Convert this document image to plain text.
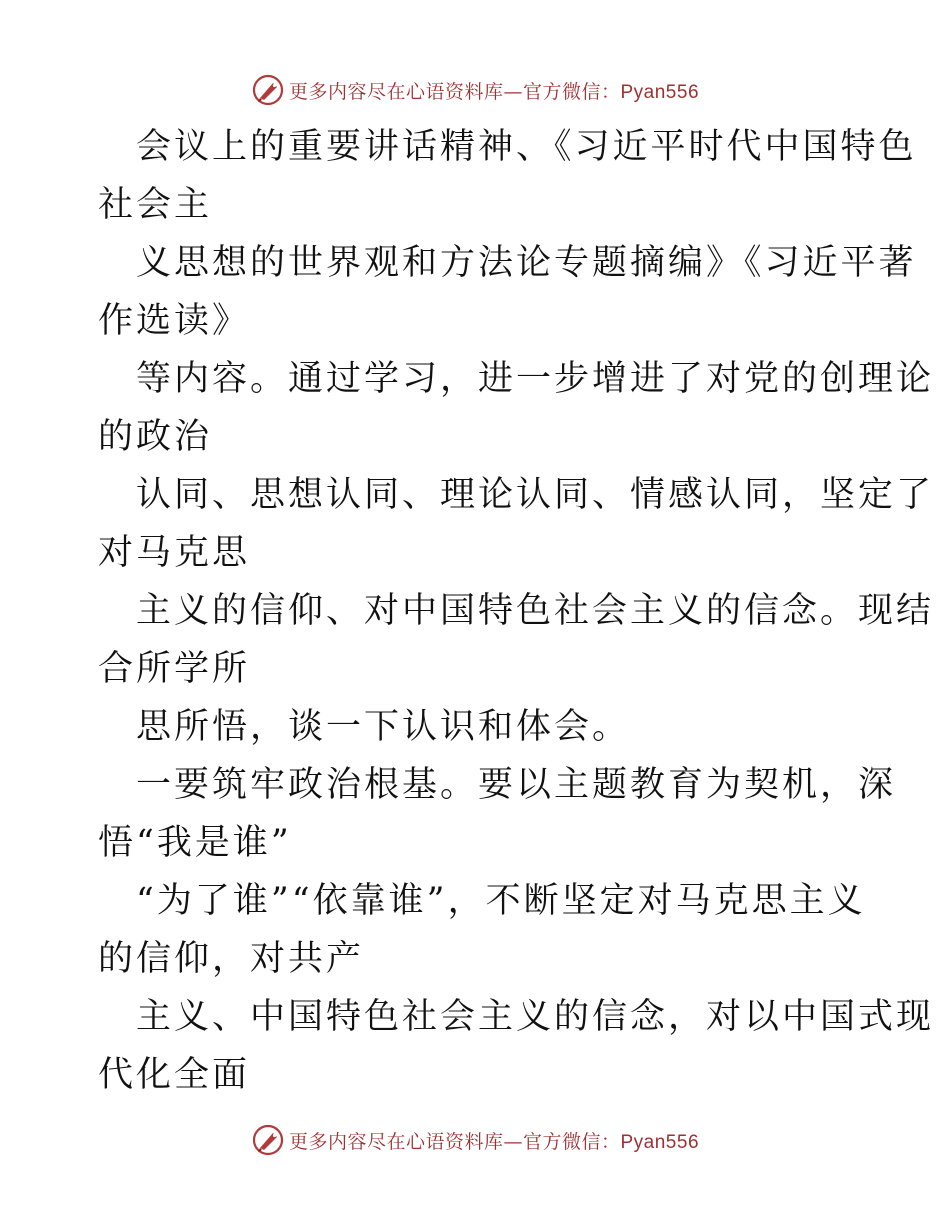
更多内容尽在心语资料库—官方微信：Pyan556

会议上的重要讲话精神、《习近平时代中国特色

社会主

义思想的世界观和方法论专题摘编》《习近平著

作选读》

等内容。通过学习，进一步增进了对党的创理论

的政治

认同、思想认同、理论认同、情感认同，坚定了

对马克思

主义的信仰、对中国特色社会主义的信念。现结

合所学所

思所悟，谈一下认识和体会。

一要筑牢政治根基。要以主题教育为契机，深

悟“我是谁”

“为了谁”“依靠谁”，不断坚定对马克思主义

的信仰，对共产

主义、中国特色社会主义的信念，对以中国式现

代化全面

更多内容尽在心语资料库—官方微信：Pyan556
